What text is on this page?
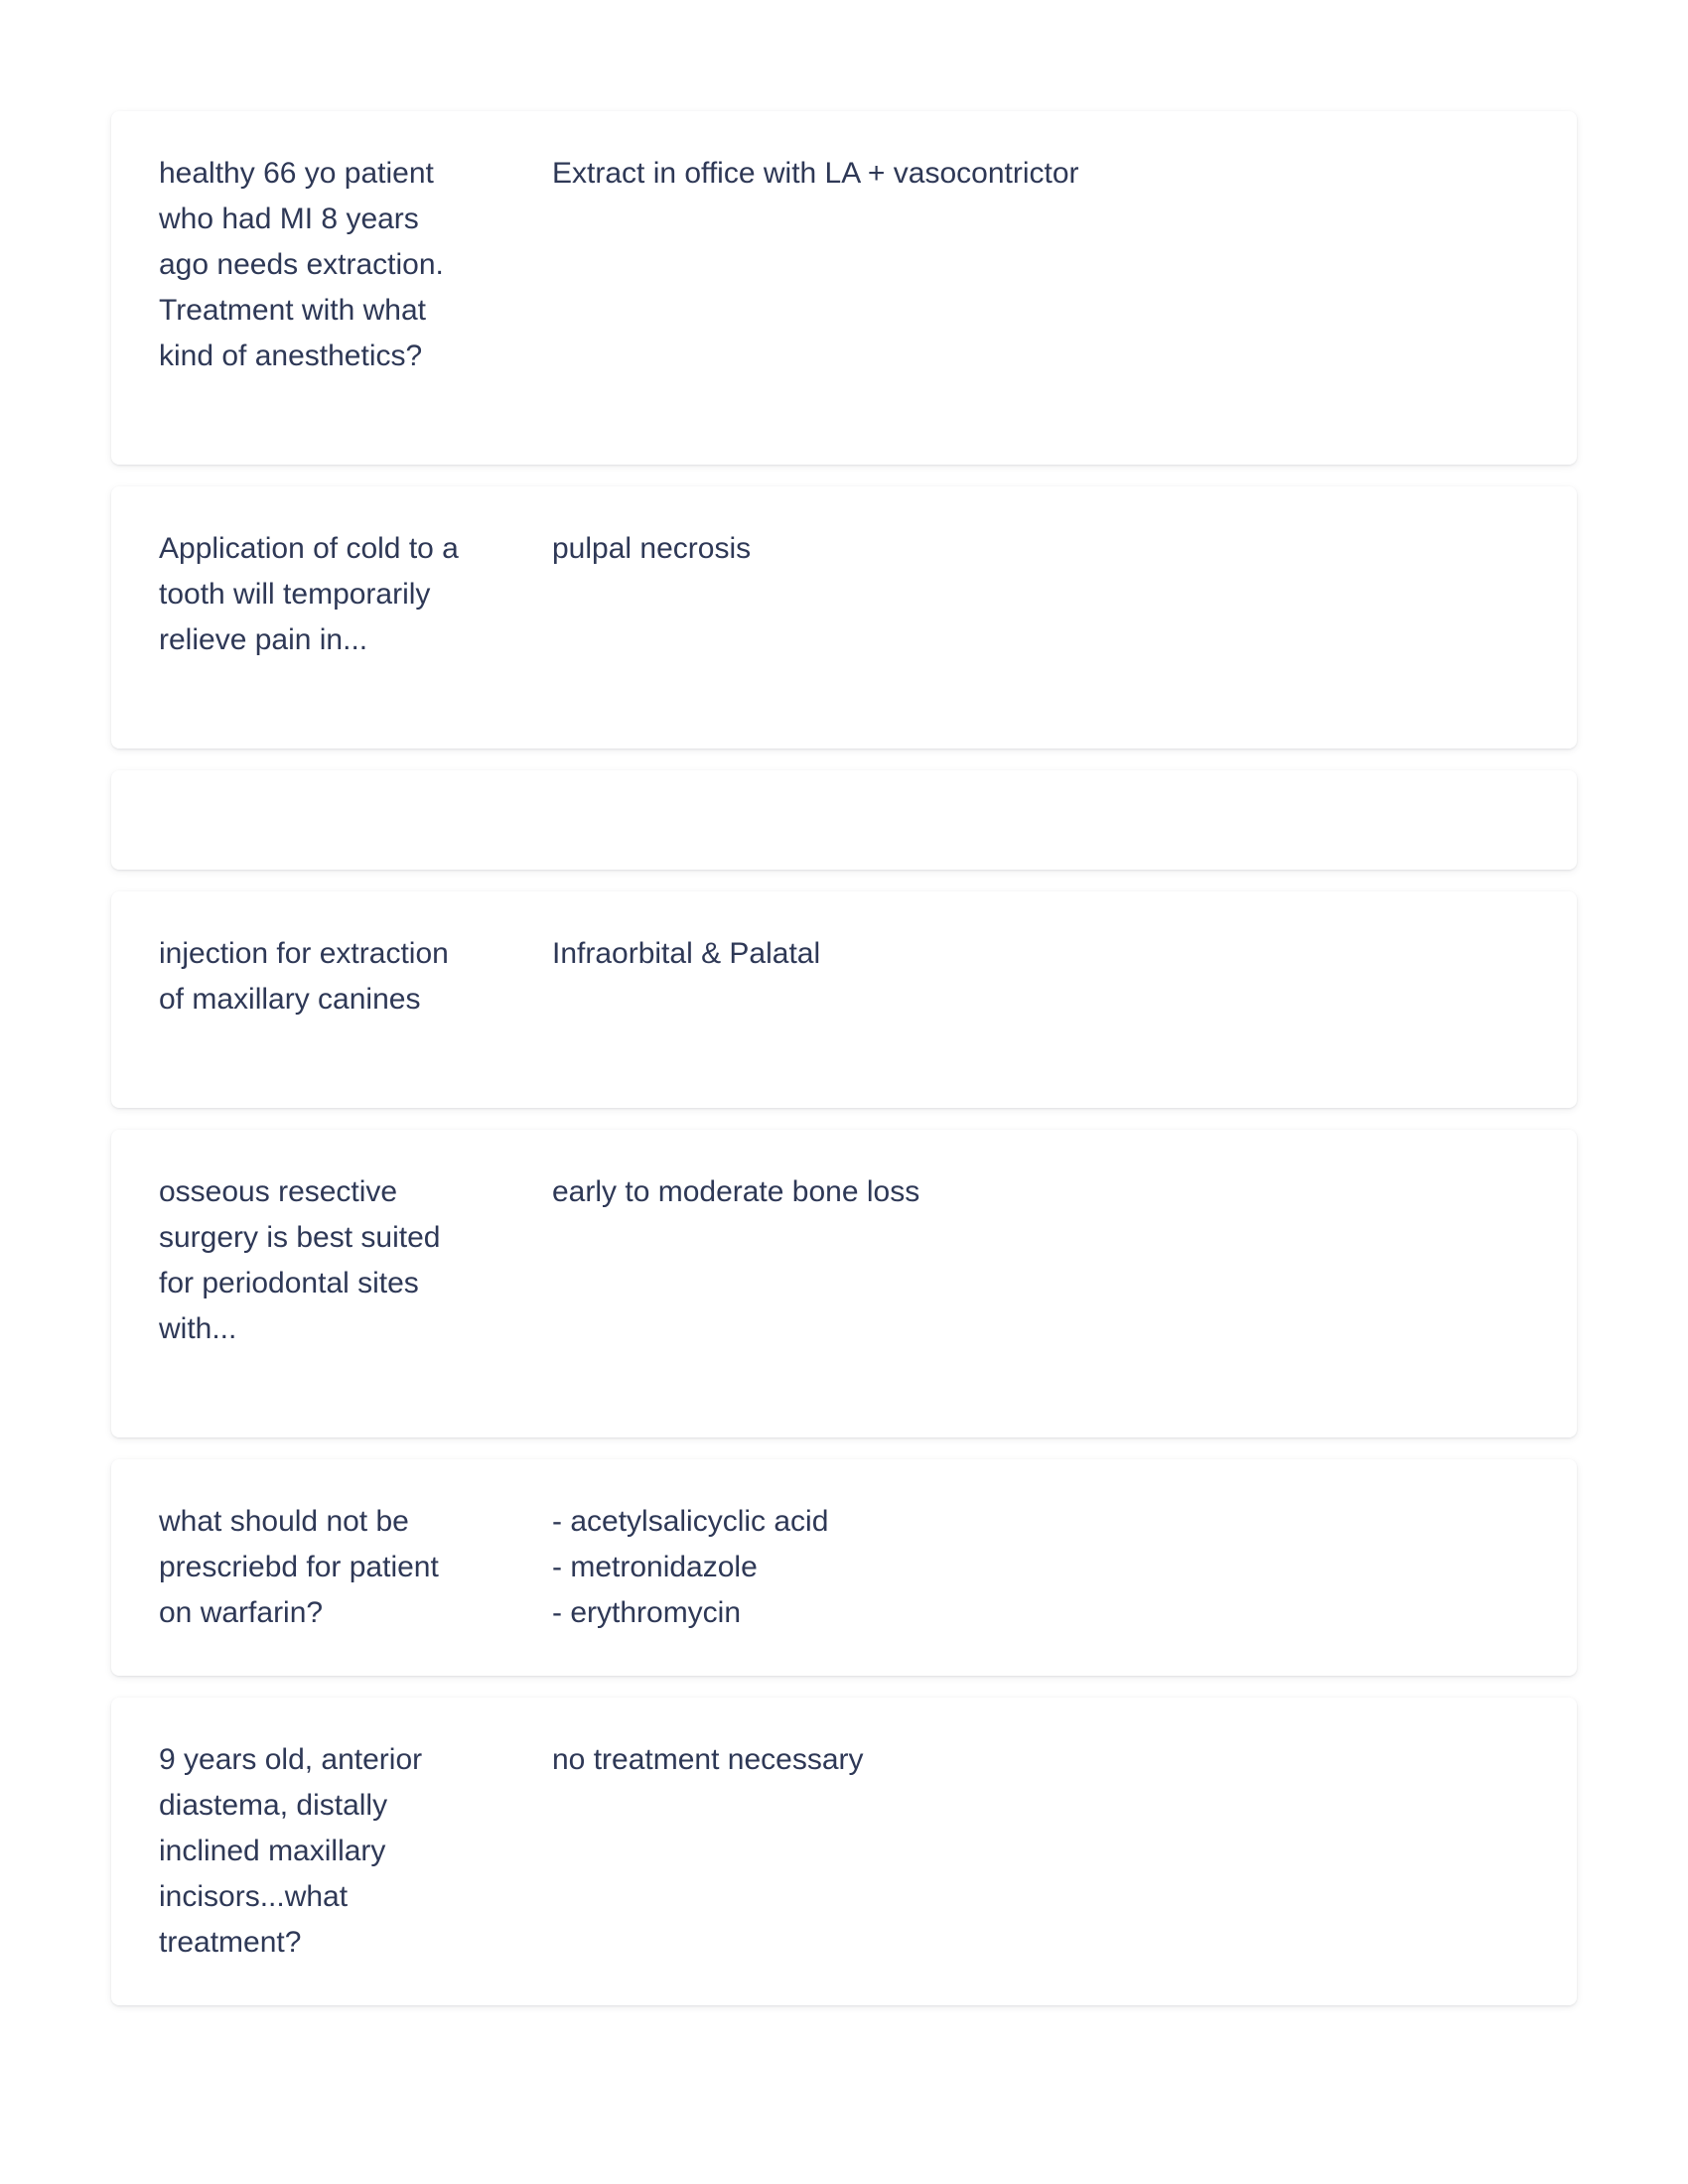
healthy 66 yo patient who had MI 8 years ago needs extraction. Treatment with what kind of anesthetics?
Extract in office with LA + vasocontrictor
Application of cold to a tooth will temporarily relieve pain in...
pulpal necrosis
injection for extraction of maxillary canines
Infraorbital & Palatal
osseous resective surgery is best suited for periodontal sites with...
early to moderate bone loss
what should not be prescriebd for patient on warfarin?
- acetylsalicyclic acid
- metronidazole
- erythromycin
9 years old, anterior diastema, distally inclined maxillary incisors...what treatment?
no treatment necessary
